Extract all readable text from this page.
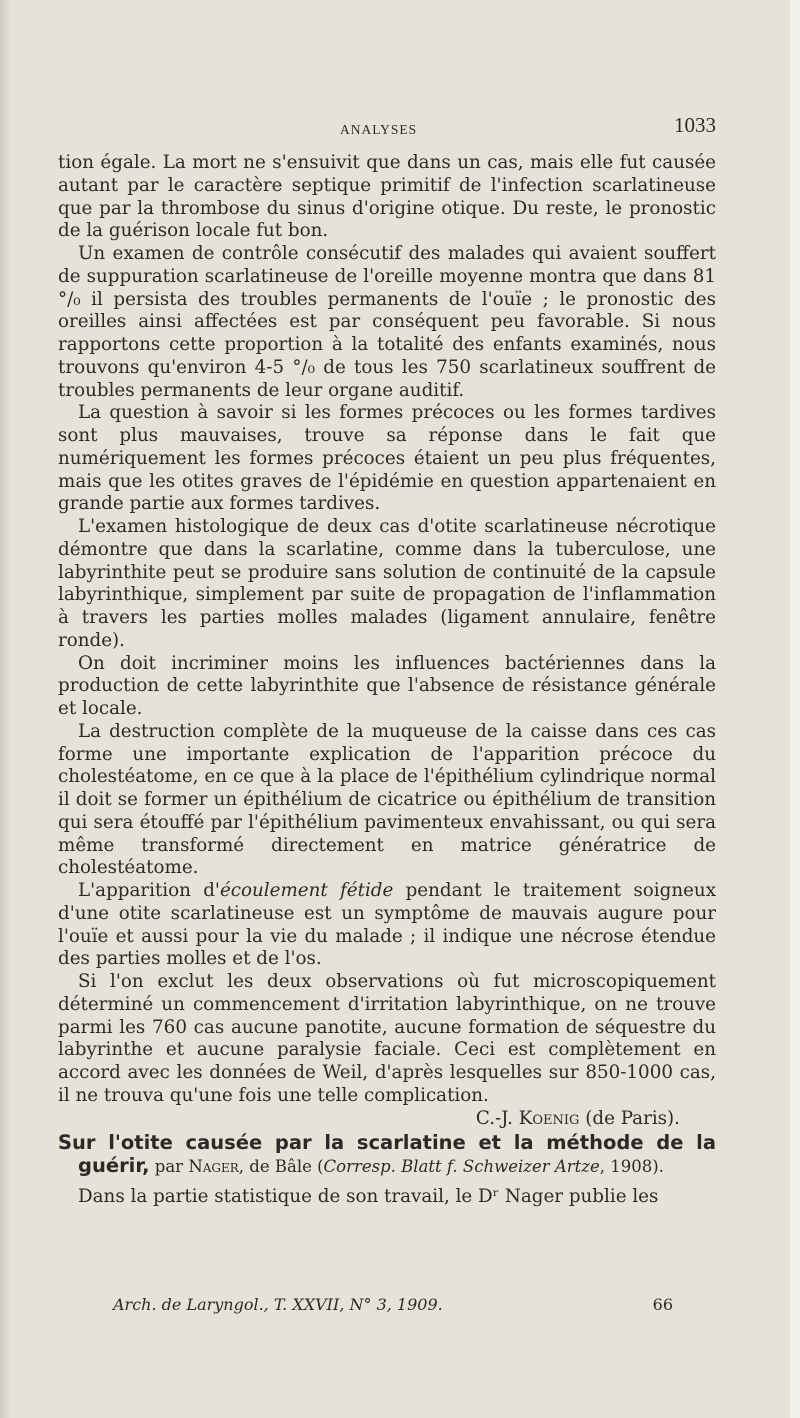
ANALYSES	1033

tion égale. La mort ne s'ensuivit que dans un cas, mais elle fut causée autant par le caractère septique primitif de l'infection scarlatineuse que par la thrombose du sinus d'origine otique. Du reste, le pronostic de la guérison locale fut bon.

Un examen de contrôle consécutif des malades qui avaient souffert de suppuration scarlatineuse de l'oreille moyenne montra que dans 81 °/₀ il persista des troubles permanents de l'ouïe ; le pronostic des oreilles ainsi affectées est par conséquent peu favorable. Si nous rapportons cette proportion à la totalité des enfants examinés, nous trouvons qu'environ 4-5 °/₀ de tous les 750 scarlatineux souffrent de troubles permanents de leur organe auditif.

La question à savoir si les formes précoces ou les formes tardives sont plus mauvaises, trouve sa réponse dans le fait que numériquement les formes précoces étaient un peu plus fréquentes, mais que les otites graves de l'épidémie en question appartenaient en grande partie aux formes tardives.

L'examen histologique de deux cas d'otite scarlatineuse nécrotique démontre que dans la scarlatine, comme dans la tuberculose, une labyrinthite peut se produire sans solution de continuité de la capsule labyrinthique, simplement par suite de propagation de l'inflammation à travers les parties molles malades (ligament annulaire, fenêtre ronde).

On doit incriminer moins les influences bactériennes dans la production de cette labyrinthite que l'absence de résistance générale et locale.

La destruction complète de la muqueuse de la caisse dans ces cas forme une importante explication de l'apparition précoce du cholestéatome, en ce que à la place de l'épithélium cylindrique normal il doit se former un épithélium de cicatrice ou épithélium de transition qui sera étouffé par l'épithélium pavimenteux envahissant, ou qui sera même transformé directement en matrice génératrice de cholestéatome.

L'apparition d'écoulement fétide pendant le traitement soigneux d'une otite scarlatineuse est un symptôme de mauvais augure pour l'ouïe et aussi pour la vie du malade ; il indique une nécrose étendue des parties molles et de l'os.

Si l'on exclut les deux observations où fut microscopiquement déterminé un commencement d'irritation labyrinthique, on ne trouve parmi les 760 cas aucune panotite, aucune formation de séquestre du labyrinthe et aucune paralysie faciale. Ceci est complètement en accord avec les données de Weil, d'après lesquelles sur 850-1000 cas, il ne trouva qu'une fois une telle complication.

C.-J. Koenig (de Paris).

Sur l'otite causée par la scarlatine et la méthode de la guérir, par Nager, de Bâle (Corresp. Blatt f. Schweizer Artze, 1908).

Dans la partie statistique de son travail, le Dʳ Nager publie les

Arch. de Laryngol., T. XXVII, N° 3, 1909.	66
